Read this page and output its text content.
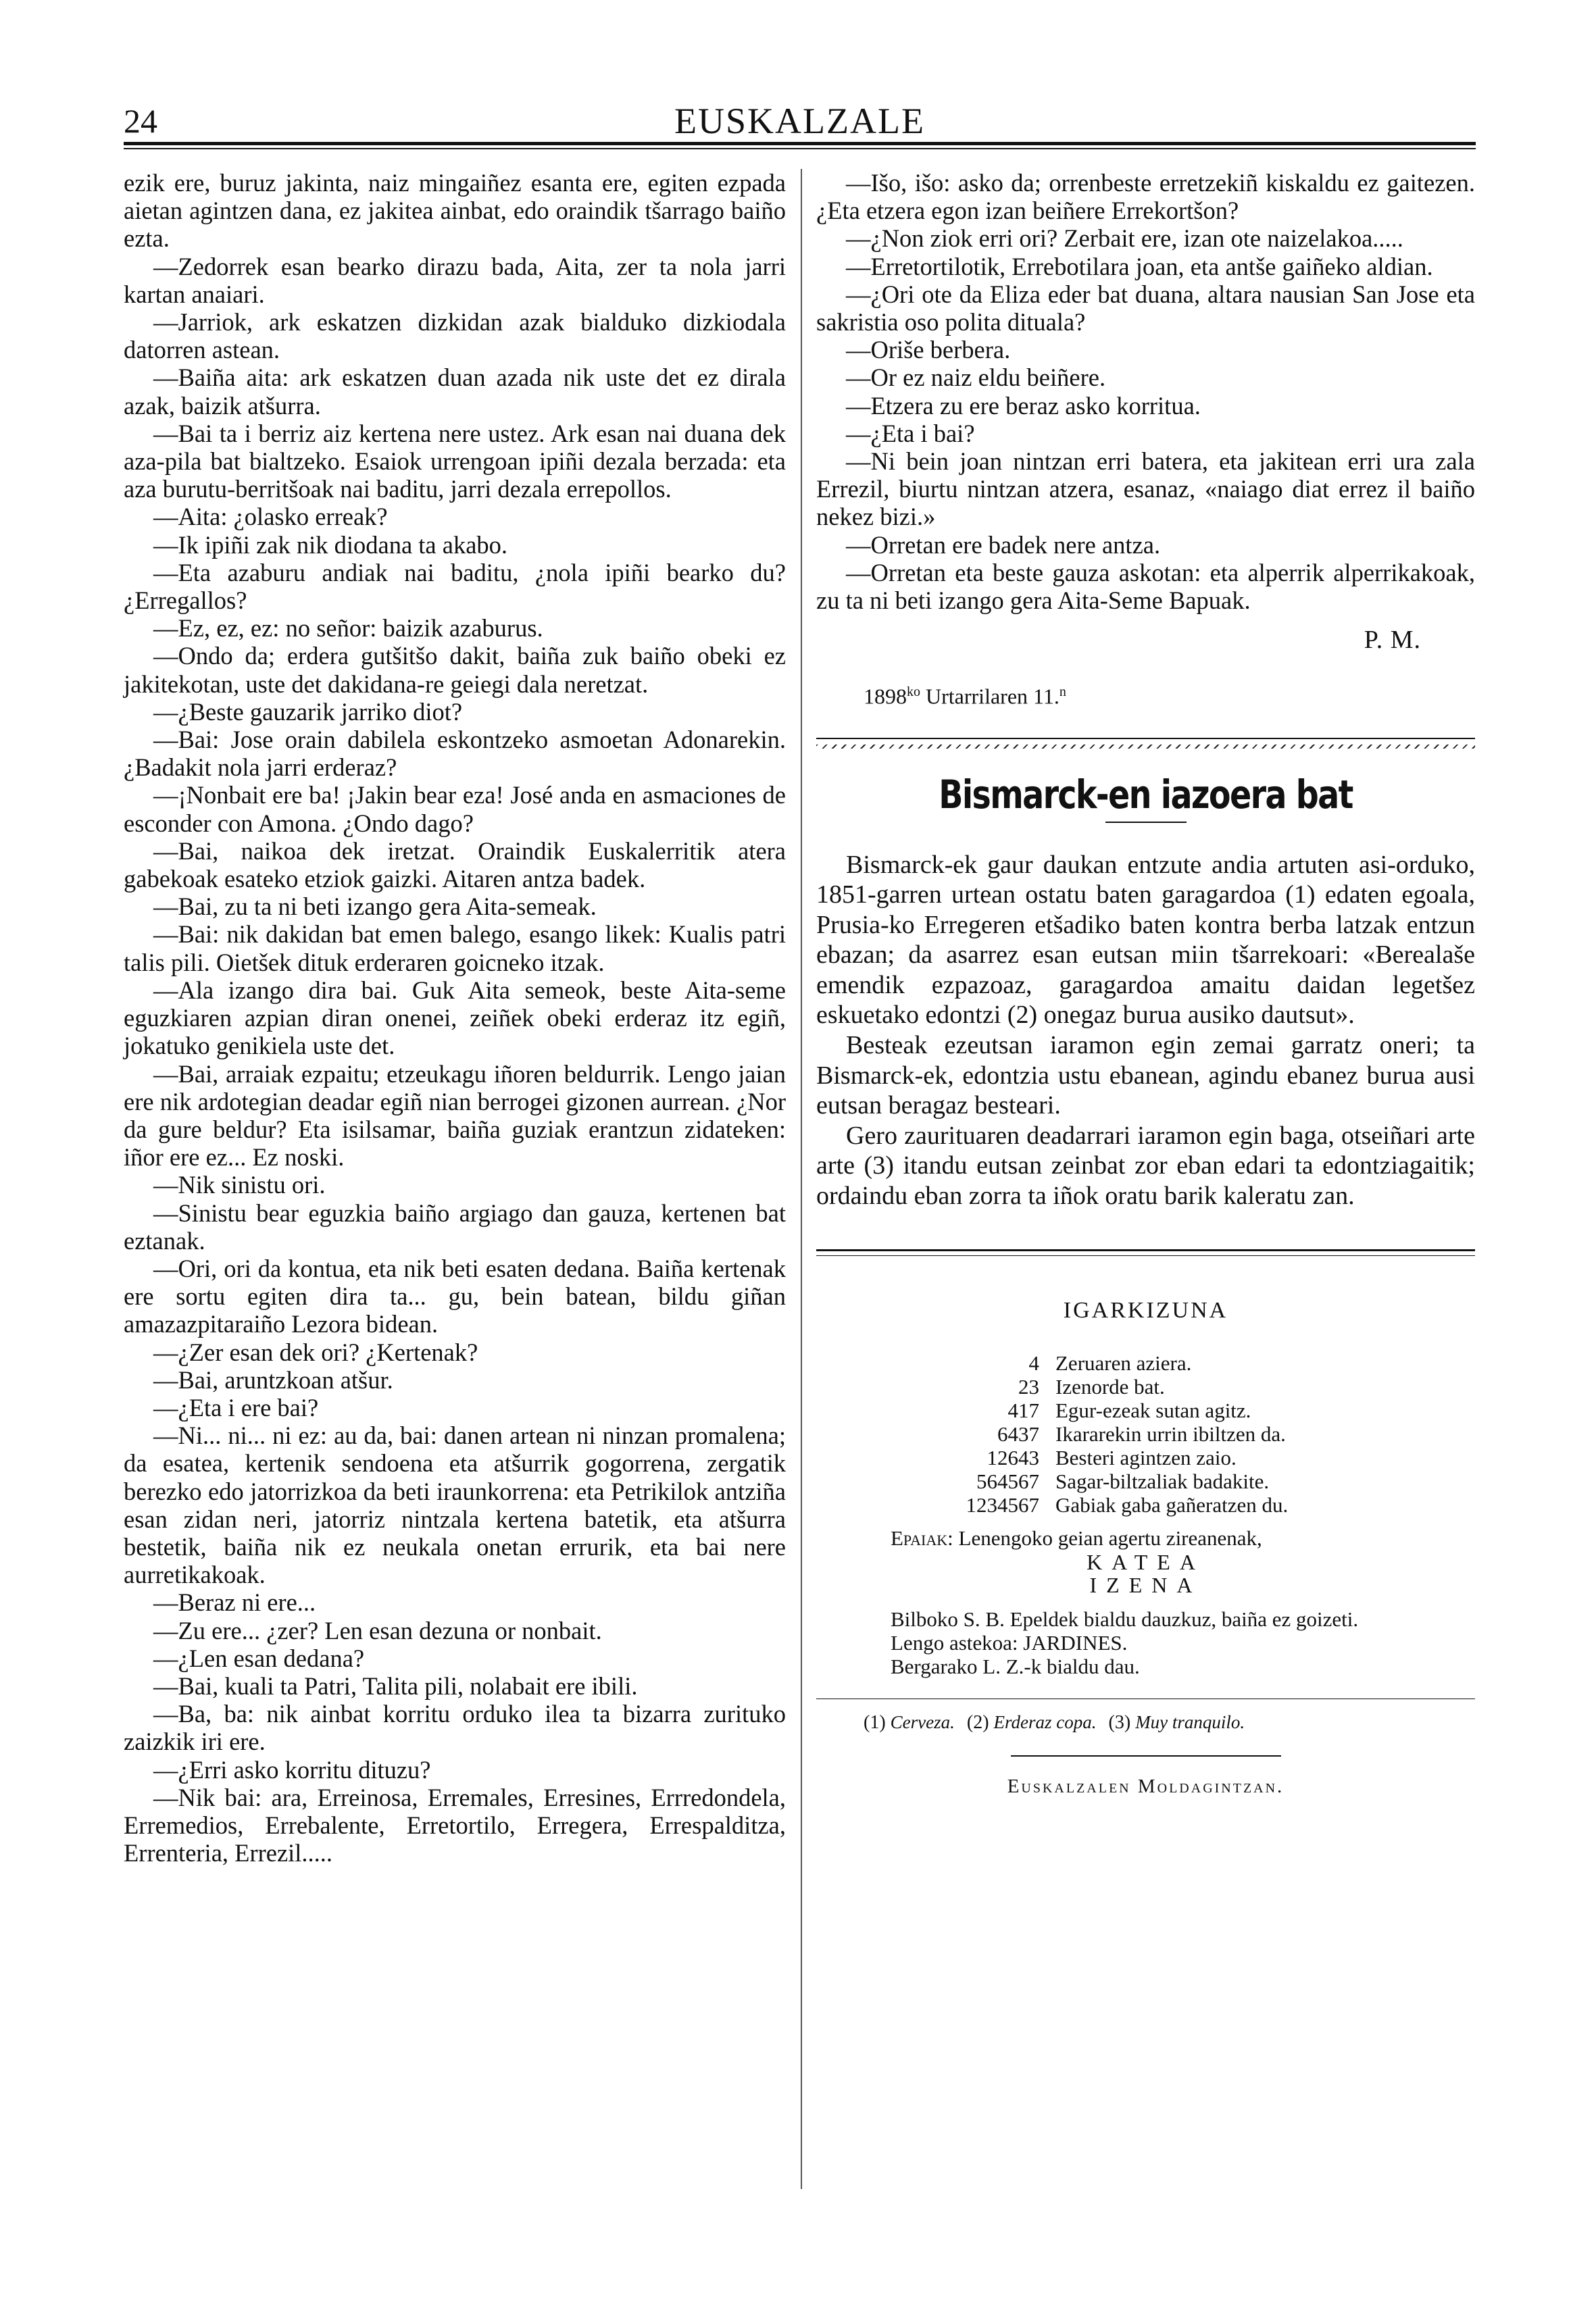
24	EUSKALZALE

ezik ere, buruz jakinta, naiz mingaiñez esanta ere, egiten ezpada aietan agintzen dana, ez jakitea ainbat, edo oraindik tšarrago baiño ezta.

—Zedorrek esan bearko dirazu bada, Aita, zer ta nola jarri kartan anaiari.

—Jarriok, ark eskatzen dizkidan azak bialduko dizkiodala datorren astean.

—Baiña aita: ark eskatzen duan azada nik uste det ez dirala azak, baizik atšurra.

—Bai ta i berriz aiz kertena nere ustez. Ark esan nai duana dek aza-pila bat bialtzeko. Esaiok urrengoan ipiñi dezala berzada: eta aza burutu-berritšoak nai baditu, jarri dezala errepollos.

—Aita: ¿olasko erreak?

—Ik ipiñi zak nik diodana ta akabo.

—Eta azaburu andiak nai baditu, ¿nola ipiñi bearko du? ¿Erregallos?

—Ez, ez, ez: no señor: baizik azaburus.

—Ondo da; erdera gutšitšo dakit, baiña zuk baiño obeki ez jakitekotan, uste det dakidana-re geiegi dala neretzat.

—¿Beste gauzarik jarriko diot?

—Bai: Jose orain dabilela eskontzeko asmoetan Adonarekin. ¿Badakit nola jarri erderaz?

—¡Nonbait ere ba! ¡Jakin bear eza! José anda en asmaciones de esconder con Amona. ¿Ondo dago?

—Bai, naikoa dek iretzat. Oraindik Euskalerritik atera gabekoak esateko etziok gaizki. Aitaren antza badek.

—Bai, zu ta ni beti izango gera Aita-semeak.

—Bai: nik dakidan bat emen balego, esango likek: Kualis patri talis pili. Oietšek dituk erderaren goicneko itzak.

—Ala izango dira bai. Guk Aita semeok, beste Aita-seme eguzkiaren azpian diran onenei, zeiñek obeki erderaz itz egiñ, jokatuko genikiela uste det.

—Bai, arraiak ezpaitu; etzeukagu iñoren beldurrik. Lengo jaian ere nik ardotegian deadar egiñ nian berrogei gizonen aurrean. ¿Nor da gure beldur? Eta isilsamar, baiña guziak erantzun zidateken: iñor ere ez... Ez noski.

—Nik sinistu ori.

—Sinistu bear eguzkia baiño argiago dan gauza, kertenen bat eztanak.

—Ori, ori da kontua, eta nik beti esaten dedana. Baiña kertenak ere sortu egiten dira ta... gu, bein batean, bildu giñan amazazpitaraiño Lezora bidean.

—¿Zer esan dek ori? ¿Kertenak?

—Bai, aruntzkoan atšur.

—¿Eta i ere bai?

—Ni... ni... ni ez: au da, bai: danen artean ni ninzan promalena; da esatea, kertenik sendoena eta atšurrik gogorrena, zergatik berezko edo jatorrizkoa da beti iraunkorrena: eta Petrikilok antziña esan zidan neri, jatorriz nintzala kertena batetik, eta atšurra bestetik, baiña nik ez neukala onetan errurik, eta bai nere aurretikakoak.

—Beraz ni ere...

—Zu ere... ¿zer? Len esan dezuna or nonbait.

—¿Len esan dedana?

—Bai, kuali ta Patri, Talita pili, nolabait ere ibili.

—Ba, ba: nik ainbat korritu orduko ilea ta bizarra zurituko zaizkik iri ere.

—¿Erri asko korritu dituzu?

—Nik bai: ara, Erreinosa, Erremales, Erresines, Errredondela, Erremedios, Errebalente, Erretortilo, Erregera, Errespalditza, Errenteria, Errezil.....

—Išo, išo: asko da; orrenbeste erretzekiñ kiskaldu ez gaitezen. ¿Eta etzera egon izan beiñere Errekortšon?

—¿Non ziok erri ori? Zerbait ere, izan ote naizelakoa.....

—Erretortilotik, Errebotilara joan, eta antše gaiñeko aldian.

—¿Ori ote da Eliza eder bat duana, altara nausian San Jose eta sakristia oso polita dituala?

—Oriše berbera.

—Or ez naiz eldu beiñere.

—Etzera zu ere beraz asko korritua.

—¿Eta i bai?

—Ni bein joan nintzan erri batera, eta jakitean erri ura zala Errezil, biurtu nintzan atzera, esanaz, «naiago diat errez il baiño nekez bizi.»

—Orretan ere badek nere antza.

—Orretan eta beste gauza askotan: eta alperrik alperrikakoak, zu ta ni beti izango gera Aita-Seme Bapuak.

P. M.
$1898^{ko}$ Urtarrilaren 11.$^n$
Bismarck-en iazoera bat

Bismarck-ek gaur daukan entzute andia artuten asi-orduko, 1851-garren urtean ostatu baten garagardoa (1) edaten egoala, Prusia-ko Erregeren etšadiko baten kontra berba latzak entzun ebazan; da asarrez esan eutsan miin tšarrekoari: «Berealaše emendik ezpazoaz, garagardoa amaitu daidan legetšez eskuetako edontzi (2) onegaz burua ausiko dautsut».

Besteak ezeutsan iaramon egin zemai garratz oneri; ta Bismarck-ek, edontzia ustu ebanean, agindu ebanez burua ausi eutsan beragaz besteari.

Gero zaurituaren deadarrari iaramon egin baga, otseiñari arte arte (3) itandu eutsan zeinbat zor eban edari ta edontziagaitik; ordaindu eban zorra ta iñok oratu barik kaleratu zan.

IGARKIZUNA
4 Zeruaren aziera.
23 Izenorde bat.
417 Egur-ezeak sutan agitz.
6437 Ikararekin urrin ibiltzen da.
12643 Besteri agintzen zaio.
564567 Sagar-biltzaliak badakite.
1234567 Gabiak gaba gañeratzen du.
Epaiak: Lenengoko geian agertu zireanenak,
KATEA
IZENA

Bilboko S. B. Epeldek bialdu dauzkuz, baiña ez goizeti.

Lengo astekoa: JARDINES.

Bergarako L. Z.-k bialdu dau.

(1) Cerveza. (2) Erderaz copa. (3) Muy tranquilo.
Euskalzalen Moldagintzan.
